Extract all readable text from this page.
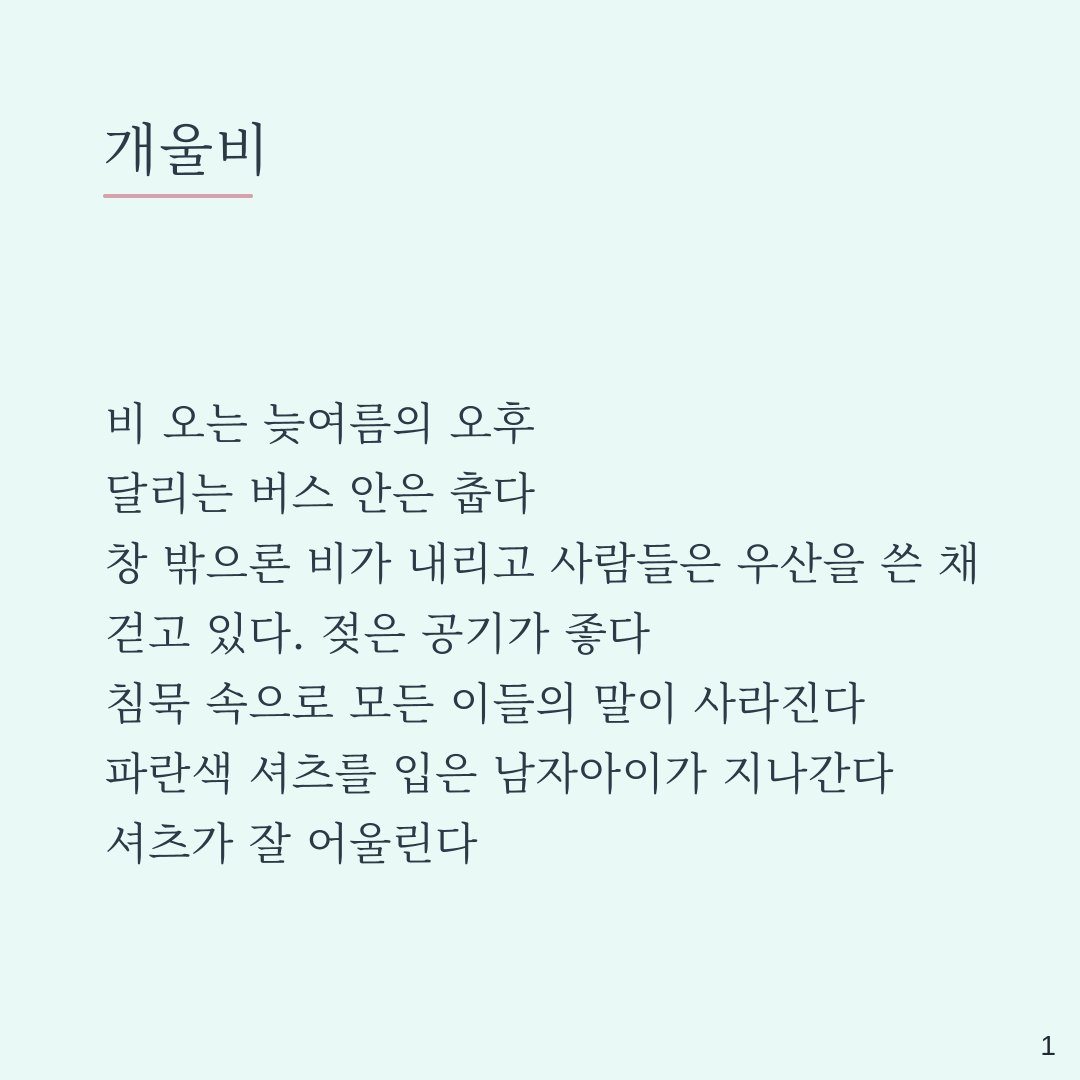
개울비

비 오는 늦여름의 오후

달리는 버스 안은 춥다

창 밖으론 비가 내리고 사람들은 우산을 쓴 채

걷고 있다. 젖은 공기가 좋다

침묵 속으로 모든 이들의 말이 사라진다

파란색 셔츠를 입은 남자아이가 지나간다

셔츠가 잘 어울린다

1
